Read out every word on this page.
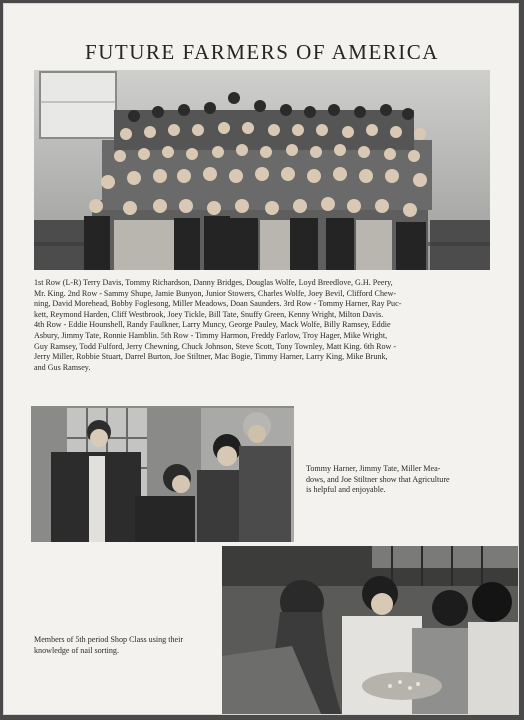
FUTURE FARMERS OF AMERICA
1st Row (L-R) Terry Davis, Tommy Richardson, Danny Bridges, Douglas Wolfe, Loyd Breedlove, G.H. Peery,
Mr. King. 2nd Row - Sammy Shupe, Jamie Bunyon, Junior Stowers, Charles Wolfe, Joey Bevil, Clifford Chew-
ning, David Morehead, Bobby Foglesong, Miller Meadows, Doan Saunders. 3rd Row - Tommy Harner, Ray Puc-
kett, Reymond Harden, Cliff Westbrook, Joey Tickle, Bill Tate, Snuffy Green, Kenny Wright, Milton Davis.
4th Row - Eddie Hounshell, Randy Faulkner, Larry Muncy, George Pauley, Mack Wolfe, Billy Ramsey, Eddie
Asbury, Jimmy Tate, Ronnie Hamblin. 5th Row - Timmy Harmon, Freddy Farlow, Troy Hager, Mike Wright,
Guy Ramsey, Todd Fulford, Jerry Chewning, Chuck Johnson, Steve Scott, Tony Townley, Matt King. 6th Row -
Jerry Miller, Robbie Stuart, Darrel Burton, Joe Stiltner, Mac Bogie, Timmy Harner, Larry King, Mike Brunk,
and Gus Ramsey.
Tommy Harner, Jimmy Tate, Miller Mea-
dows, and Joe Stiltner show that Agriculture
is helpful and enjoyable.
Members of 5th period Shop Class using their
knowledge of nail sorting.
